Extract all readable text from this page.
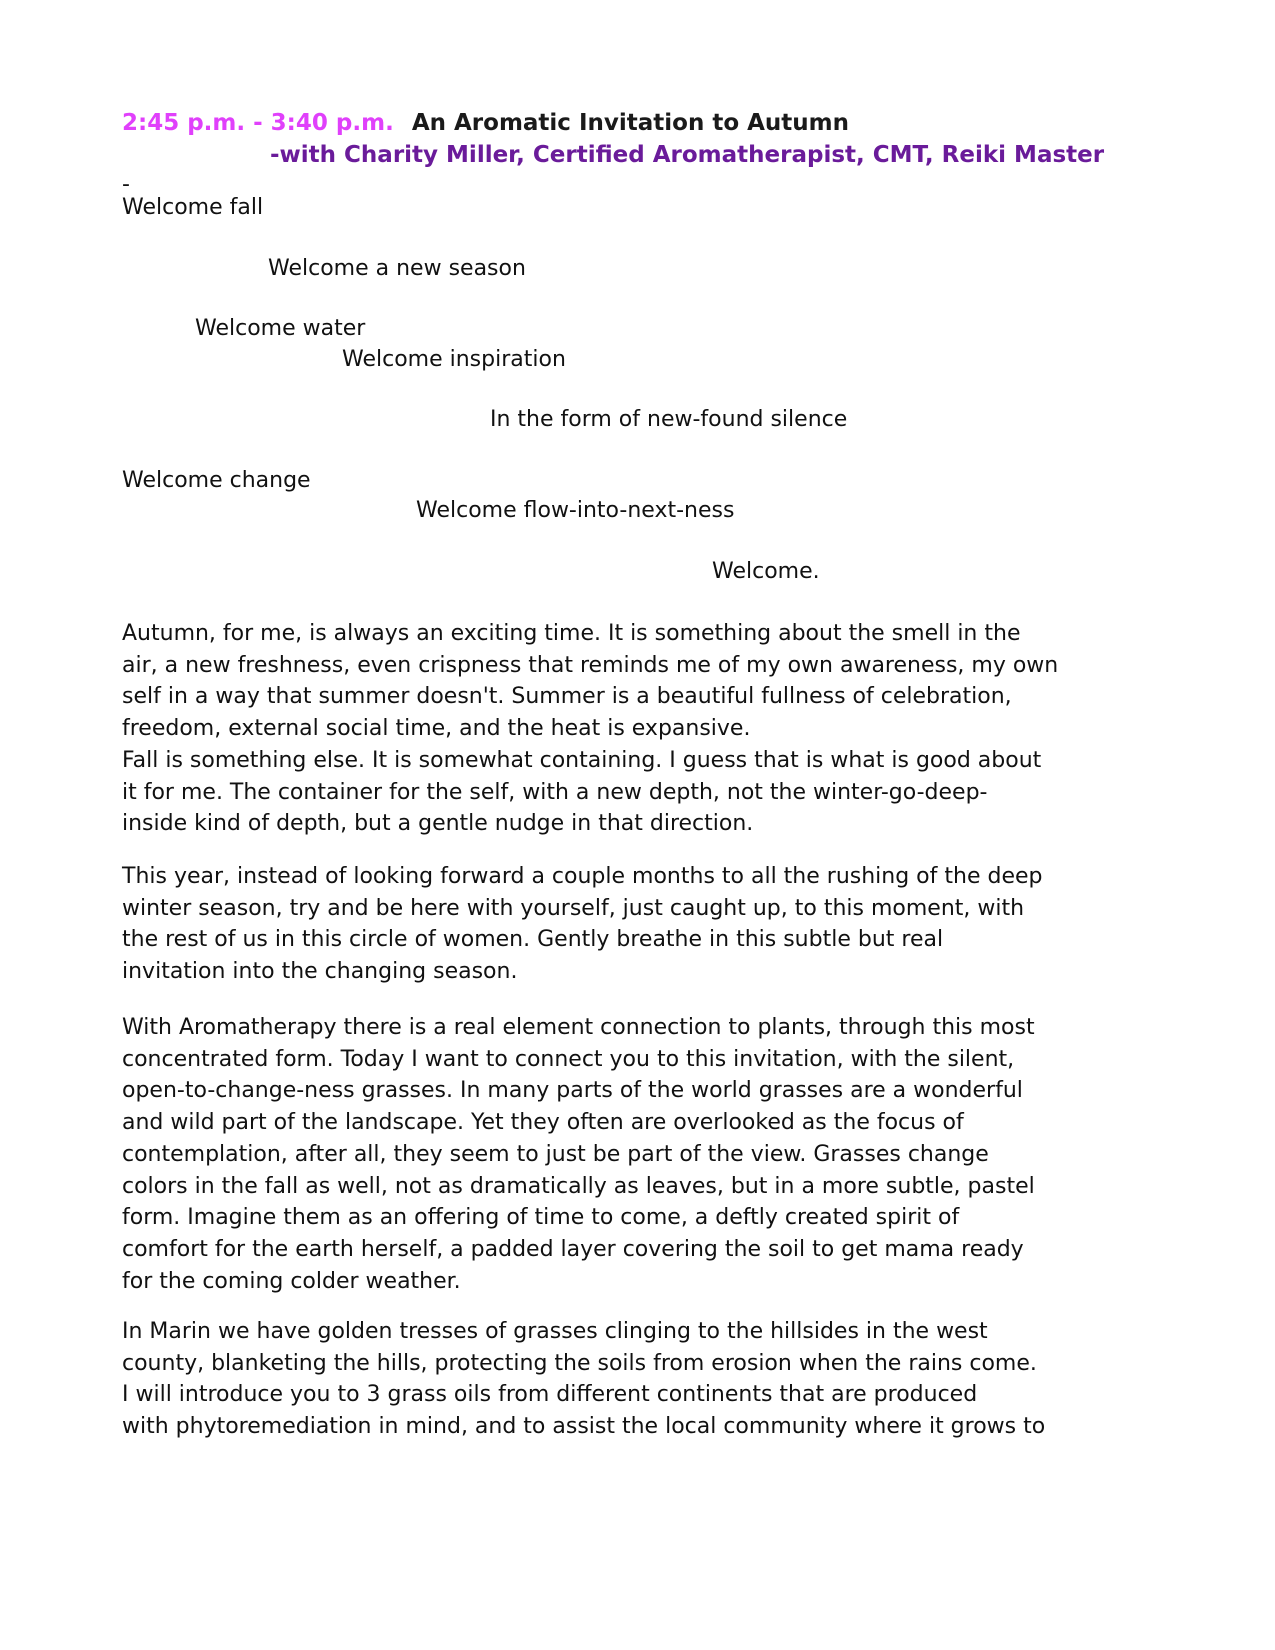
2:45 p.m. - 3:40 p.m. An Aromatic Invitation to Autumn
-with Charity Miller, Certified Aromatherapist, CMT, Reiki Master
-
Welcome fall
Welcome a new season
Welcome water
Welcome inspiration
In the form of new-found silence
Welcome change
Welcome flow-into-next-ness
Welcome.

Autumn, for me, is always an exciting time. It is something about the smell in the
air, a new freshness, even crispness that reminds me of my own awareness, my own
self in a way that summer doesn't. Summer is a beautiful fullness of celebration,
freedom, external social time, and the heat is expansive.
Fall is something else. It is somewhat containing. I guess that is what is good about
it for me. The container for the self, with a new depth, not the winter-go-deep-
inside kind of depth, but a gentle nudge in that direction.

This year, instead of looking forward a couple months to all the rushing of the deep
winter season, try and be here with yourself, just caught up, to this moment, with
the rest of us in this circle of women. Gently breathe in this subtle but real
invitation into the changing season.

With Aromatherapy there is a real element connection to plants, through this most
concentrated form. Today I want to connect you to this invitation, with the silent,
open-to-change-ness grasses. In many parts of the world grasses are a wonderful
and wild part of the landscape. Yet they often are overlooked as the focus of
contemplation, after all, they seem to just be part of the view. Grasses change
colors in the fall as well, not as dramatically as leaves, but in a more subtle, pastel
form. Imagine them as an offering of time to come, a deftly created spirit of
comfort for the earth herself, a padded layer covering the soil to get mama ready
for the coming colder weather.

In Marin we have golden tresses of grasses clinging to the hillsides in the west
county, blanketing the hills, protecting the soils from erosion when the rains come.
I will introduce you to 3 grass oils from different continents that are produced
with phytoremediation in mind, and to assist the local community where it grows to
